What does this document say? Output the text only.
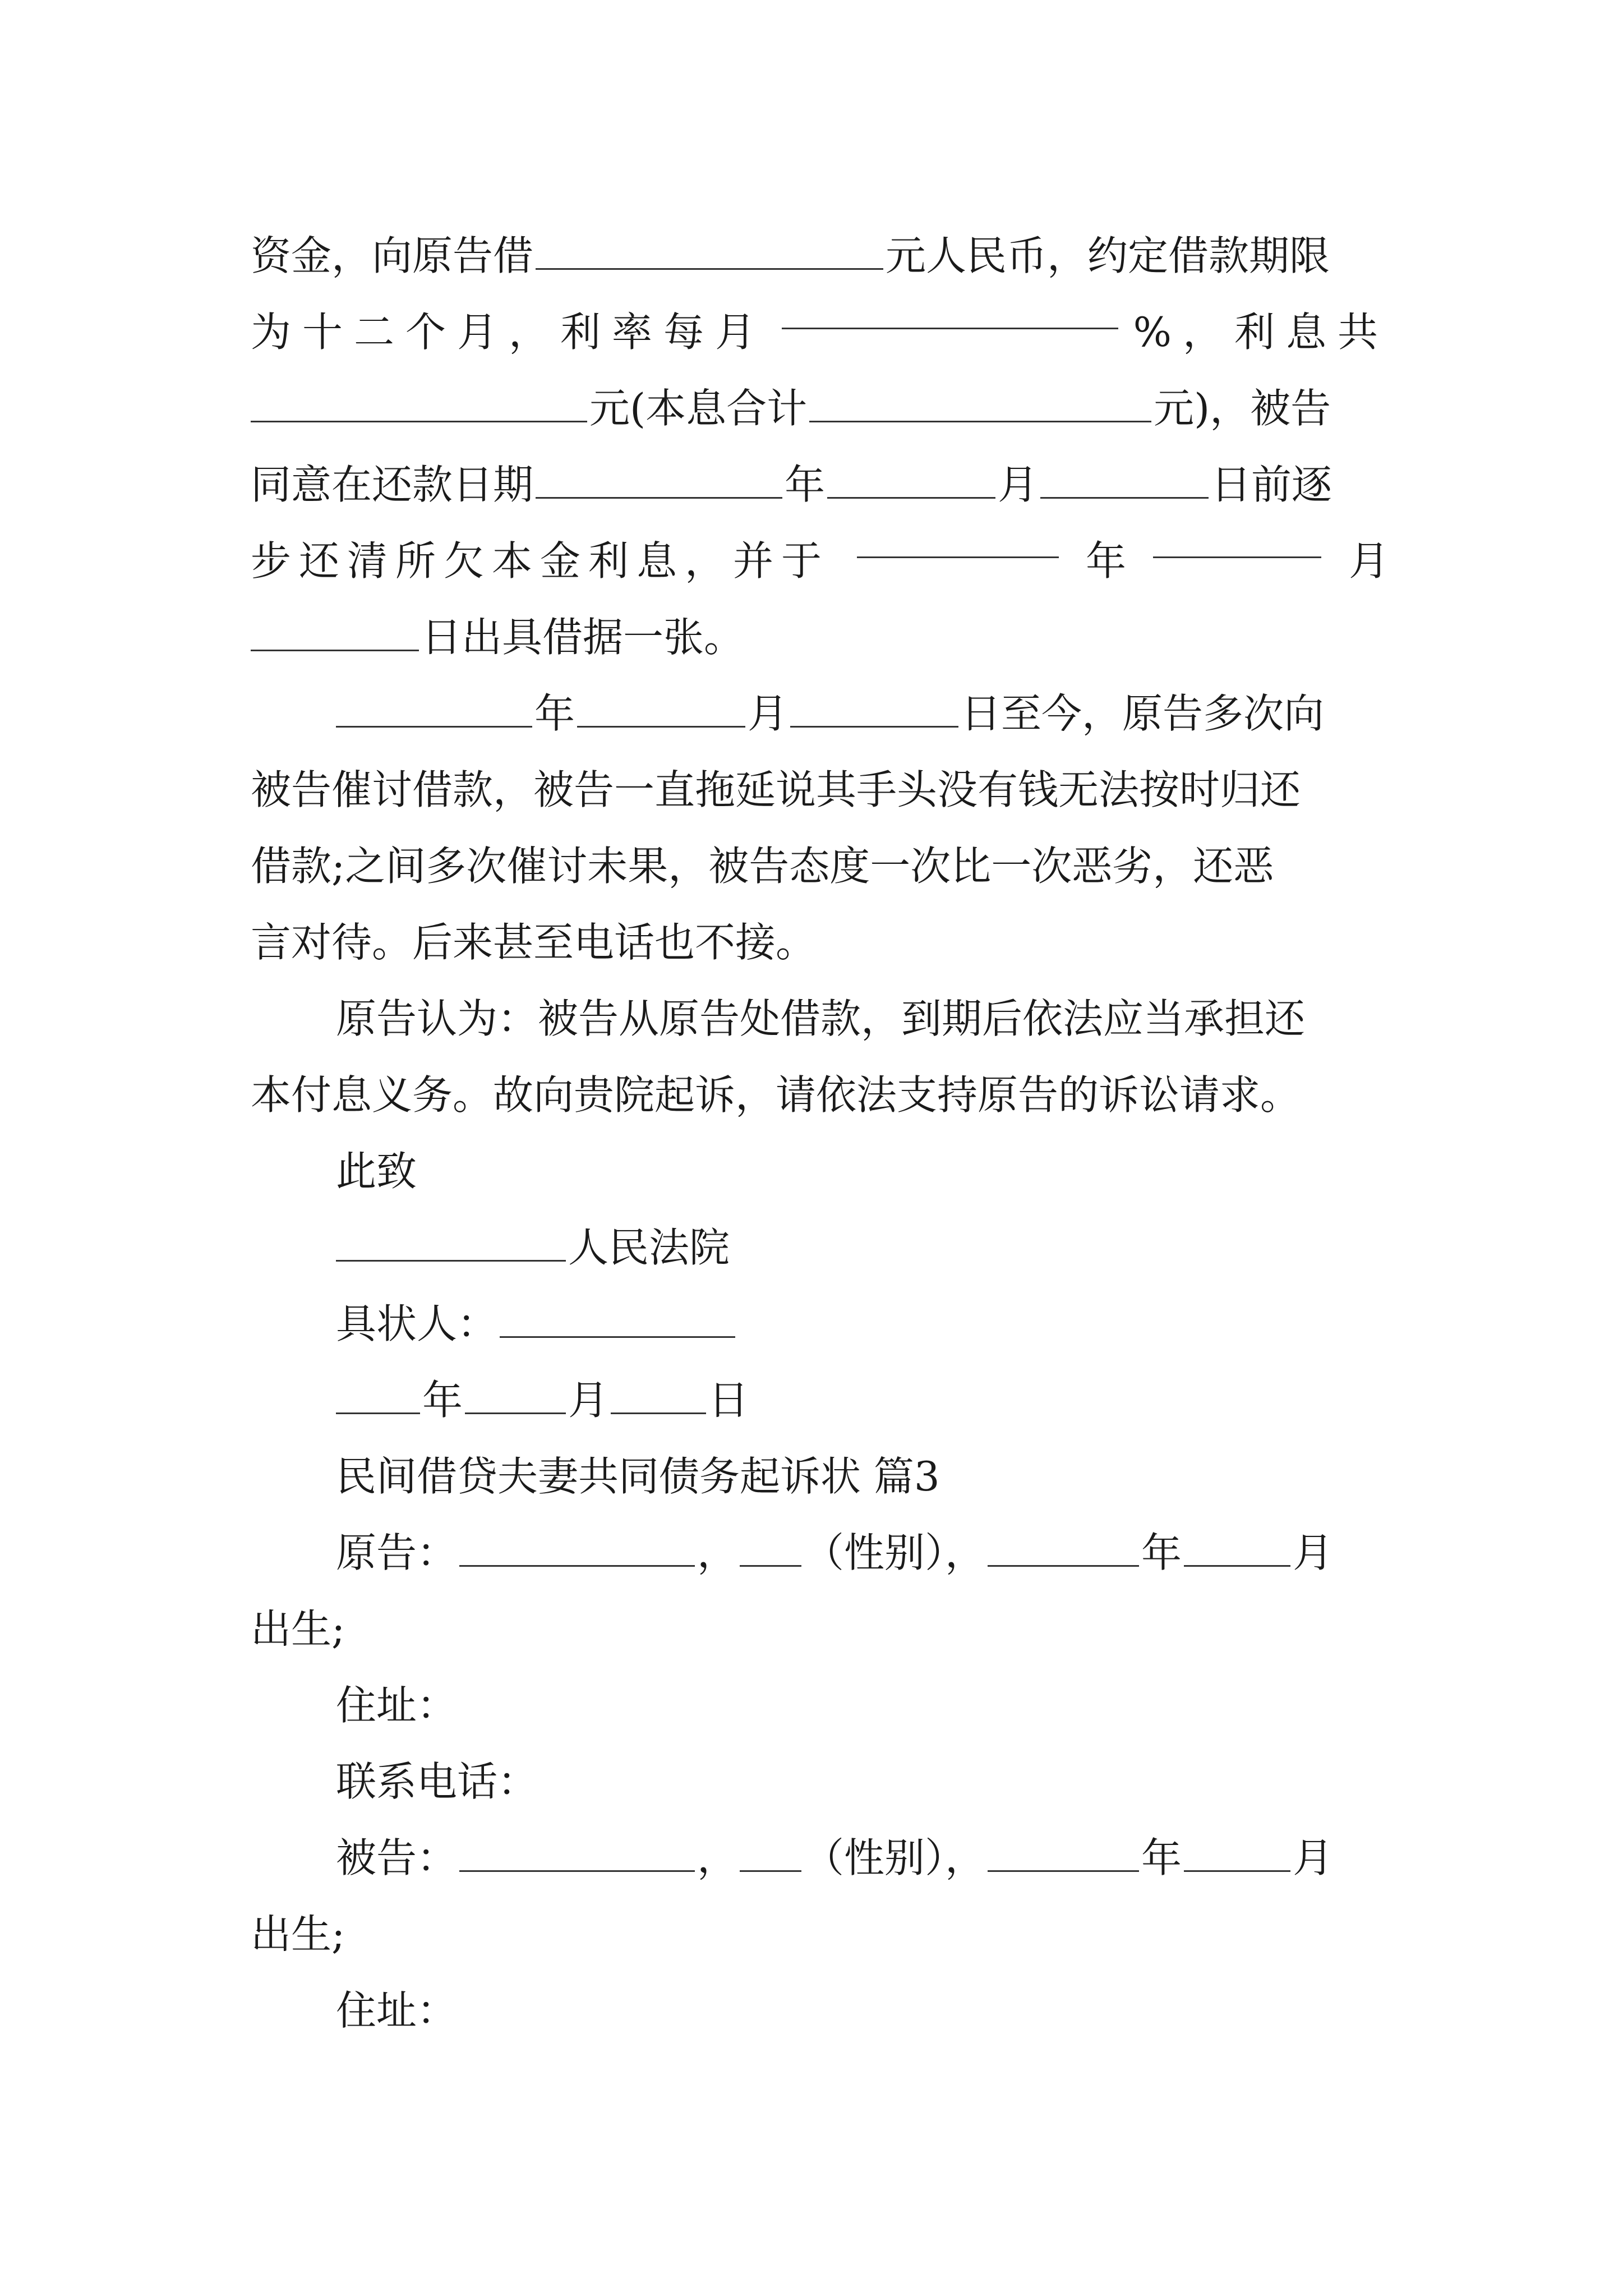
资金，向原告借	元人民币，约定借款期限
为十二个月，利率每月	%，利息共
元(本息合计	元)，被告
同意在还款日期	年	月	日前逐
步还清所欠本金利息，并于	年	月
日出具借据一张。
年	月	日至今，原告多次向
被告催讨借款，被告一直拖延说其手头没有钱无法按时归还
借款;之间多次催讨未果，被告态度一次比一次恶劣，还恶
言对待。后来甚至电话也不接。
原告认为：被告从原告处借款，到期后依法应当承担还
本付息义务。故向贵院起诉，请依法支持原告的诉讼请求。
此致
人民法院
具状人：
年	月 日
民间借贷夫妻共同债务起诉状 篇3
原告：	， （性别），	年	月
出生;
住址：
联系电话：
被告：	， （性别），	年	月
出生;
住址：
